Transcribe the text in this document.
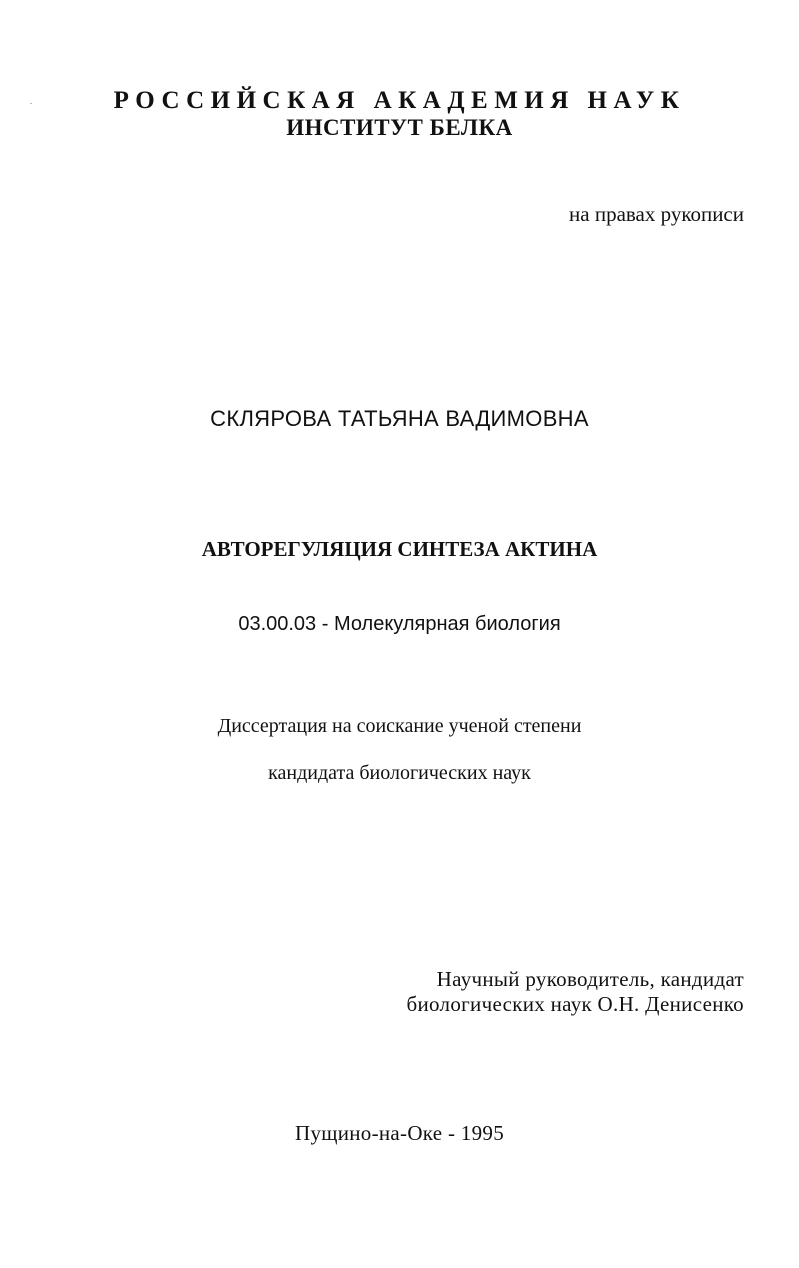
РОССИЙСКАЯ АКАДЕМИЯ НАУК
ИНСТИТУТ БЕЛКА
на правах рукописи
СКЛЯРОВА ТАТЬЯНА ВАДИМОВНА
АВТОРЕГУЛЯЦИЯ СИНТЕЗА АКТИНА
03.00.03 - Молекулярная биология
Диссертация на соискание ученой степени
кандидата биологических наук
Научный руководитель, кандидат
биологических наук О.Н. Денисенко
Пущино-на-Оке - 1995
